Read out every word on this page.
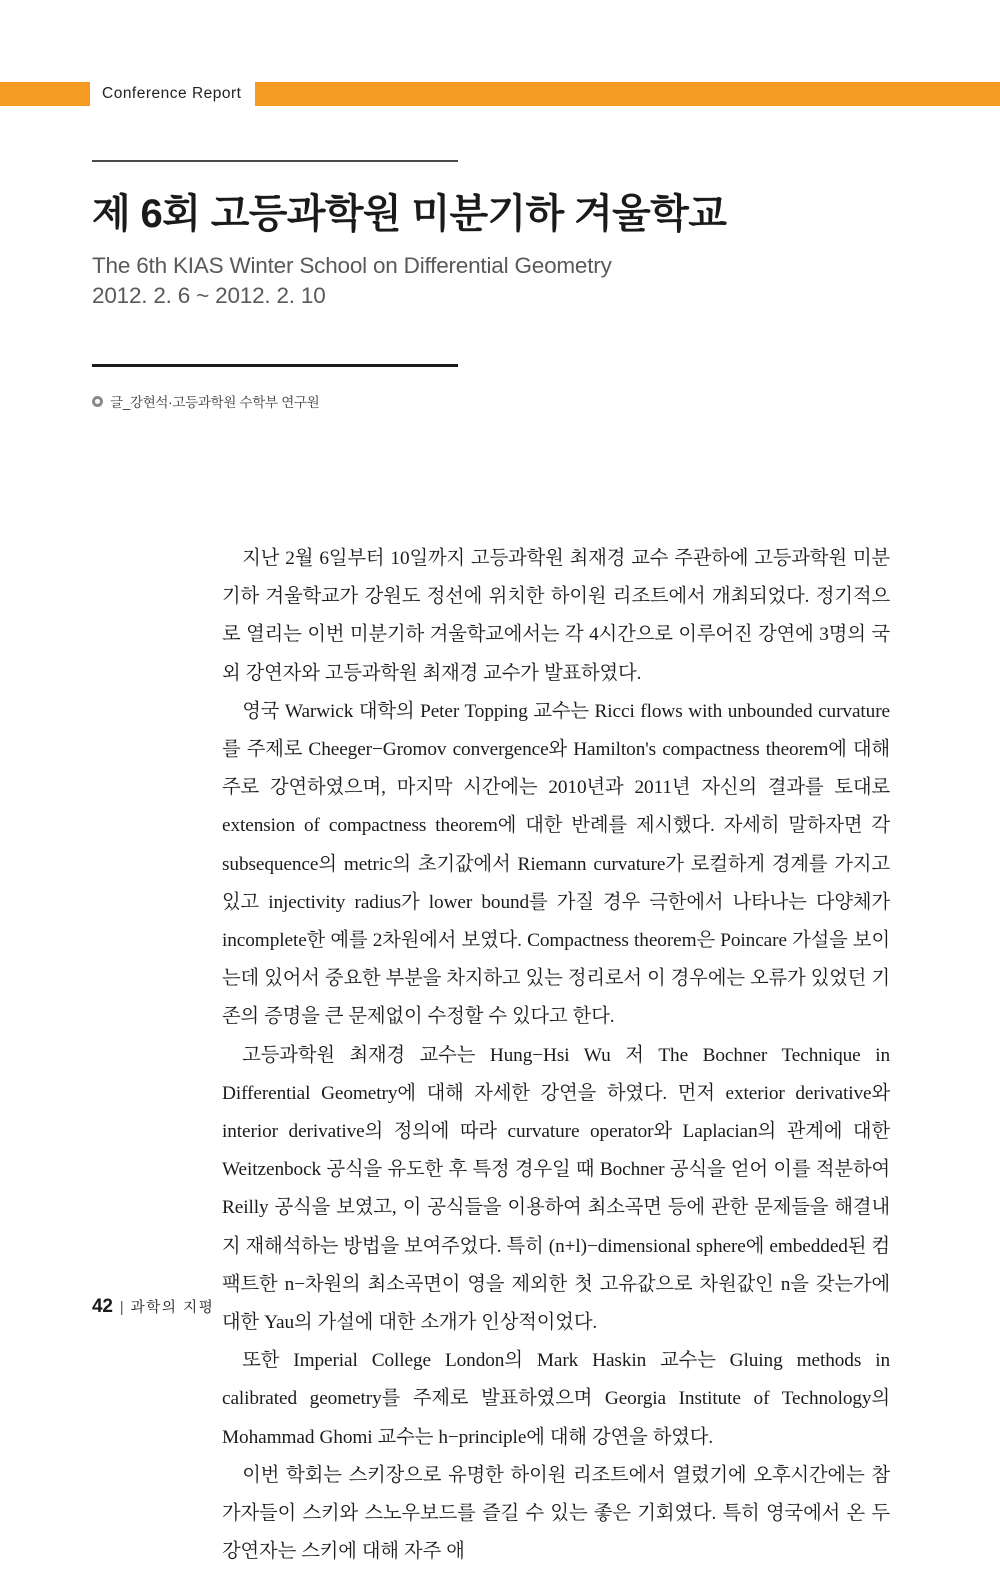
Conference Report
제 6회 고등과학원 미분기하 겨울학교
The 6th KIAS Winter School on Differential Geometry
2012. 2. 6 ~ 2012. 2. 10
글_강현석·고등과학원 수학부 연구원

지난 2월 6일부터 10일까지 고등과학원 최재경 교수 주관하에 고등과학원 미분기하 겨울학교가 강원도 정선에 위치한 하이원 리조트에서 개최되었다. 정기적으로 열리는 이번 미분기하 겨울학교에서는 각 4시간으로 이루어진 강연에 3명의 국외 강연자와 고등과학원 최재경 교수가 발표하였다.

영국 Warwick 대학의 Peter Topping 교수는 Ricci flows with unbounded curvature를 주제로 Cheeger−Gromov convergence와 Hamilton's compactness theorem에 대해 주로 강연하였으며, 마지막 시간에는 2010년과 2011년 자신의 결과를 토대로 extension of compactness theorem에 대한 반례를 제시했다. 자세히 말하자면 각 subsequence의 metric의 초기값에서 Riemann curvature가 로컬하게 경계를 가지고 있고 injectivity radius가 lower bound를 가질 경우 극한에서 나타나는 다양체가 incomplete한 예를 2차원에서 보였다. Compactness theorem은 Poincare 가설을 보이는데 있어서 중요한 부분을 차지하고 있는 정리로서 이 경우에는 오류가 있었던 기존의 증명을 큰 문제없이 수정할 수 있다고 한다.

고등과학원 최재경 교수는 Hung−Hsi Wu 저 The Bochner Technique in Differential Geometry에 대해 자세한 강연을 하였다. 먼저 exterior derivative와 interior derivative의 정의에 따라 curvature operator와 Laplacian의 관계에 대한 Weitzenbock 공식을 유도한 후 특정 경우일 때 Bochner 공식을 얻어 이를 적분하여 Reilly 공식을 보였고, 이 공식들을 이용하여 최소곡면 등에 관한 문제들을 해결내지 재해석하는 방법을 보여주었다. 특히 (n+l)−dimensional sphere에 embedded된 컴팩트한 n−차원의 최소곡면이 영을 제외한 첫 고유값으로 차원값인 n을 갖는가에 대한 Yau의 가설에 대한 소개가 인상적이었다.

또한 Imperial College London의 Mark Haskin 교수는 Gluing methods in calibrated geometry를 주제로 발표하였으며 Georgia Institute of Technology의 Mohammad Ghomi 교수는 h−principle에 대해 강연을 하였다.

이번 학회는 스키장으로 유명한 하이원 리조트에서 열렸기에 오후시간에는 참가자들이 스키와 스노우보드를 즐길 수 있는 좋은 기회였다. 특히 영국에서 온 두 강연자는 스키에 대해 자주 애

42 | 과학의 지평
